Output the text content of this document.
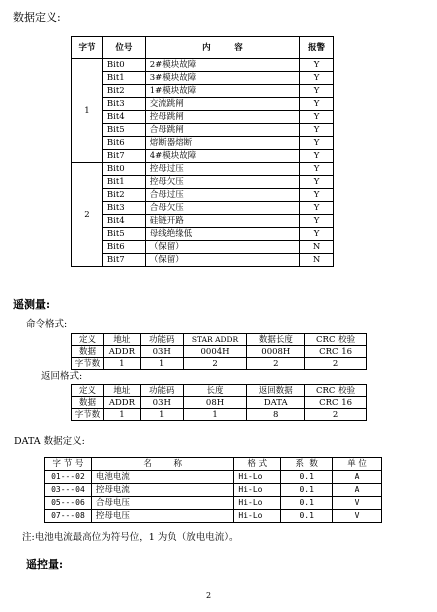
数据定义:
字节	位号	内        容	报警
1	Bit0	2#模块故障	Y
	Bit1	3#模块故障	Y
	Bit2	1#模块故障	Y
	Bit3	交流跳闸	Y
	Bit4	控母跳闸	Y
	Bit5	合母跳闸	Y
	Bit6	熔断器熔断	Y
	Bit7	4#模块故障	Y
2	Bit0	控母过压	Y
	Bit1	控母欠压	Y
	Bit2	合母过压	Y
	Bit3	合母欠压	Y
	Bit4	硅链开路	Y
	Bit5	母线绝缘低	Y
	Bit6	（保留）	N
	Bit7	（保留）	N
遥测量:
命令格式:
定义	地址	功能码	STAR ADDR	数据长度	CRC 校验
数据	ADDR	03H	0004H	0008H	CRC 16
字节数	1	1	2	2	2
返回格式:
定义	地址	功能码	长度	返回数据	CRC 校验
数据	ADDR	03H	08H	DATA	CRC 16
字节数	1	1	1	8	2
DATA 数据定义:
字 节 号	名        称	格 式	系  数	单 位
01---02	电池电流	Hi-Lo	0.1	A
03---04	控母电流	Hi-Lo	0.1	A
05---06	合母电压	Hi-Lo	0.1	V
07---08	控母电压	Hi-Lo	0.1	V
注:电池电流最高位为符号位，1 为负（放电电流）。
遥控量:
2
